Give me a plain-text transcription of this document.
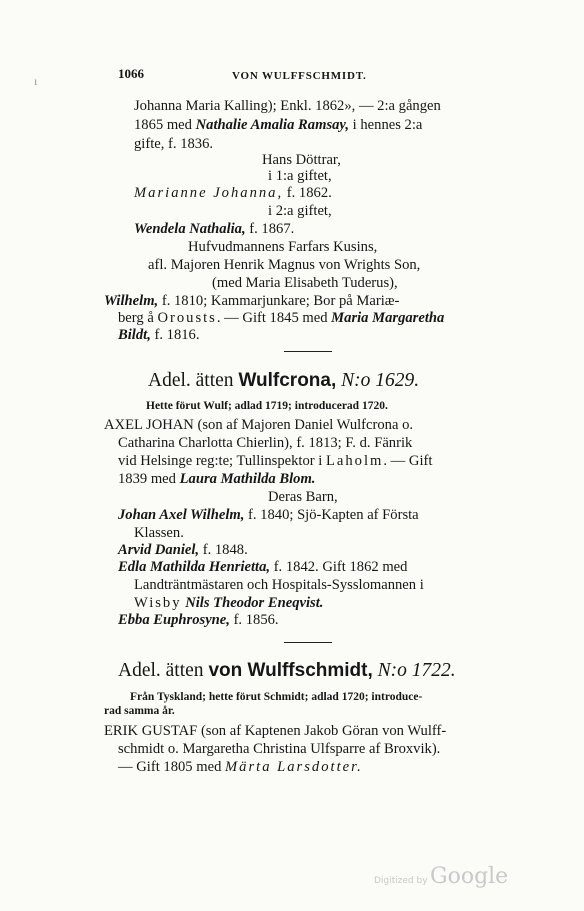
ı	1066	VON WULFFSCHMIDT.
Johanna Maria Kalling); Enkl. 1862», — 2:a gången
1865 med Nathalie Amalia Ramsay, i hennes 2:a
gifte, f. 1836.
Hans Döttrar,
i 1:a giftet,
Marianne Johanna, f. 1862.
i 2:a giftet,
Wendela Nathalia, f. 1867.
Hufvudmannens Farfars Kusins,
afl. Majoren Henrik Magnus von Wrights Son,
(med Maria Elisabeth Tuderus),
Wilhelm, f. 1810; Kammarjunkare; Bor på Mariæ-
berg å Orousts. — Gift 1845 med Maria Margaretha
Bildt, f. 1816.
Adel. ätten Wulfcrona, N:o 1629.
Hette förut Wulf; adlad 1719; introducerad 1720.
AXEL JOHAN (son af Majoren Daniel Wulfcrona o.
Catharina Charlotta Chierlin), f. 1813; F. d. Fänrik
vid Helsinge reg:te; Tullinspektor i Laholm. — Gift
1839 med Laura Mathilda Blom.
Deras Barn,
Johan Axel Wilhelm, f. 1840; Sjö-Kapten af Första
Klassen.
Arvid Daniel, f. 1848.
Edla Mathilda Henrietta, f. 1842. Gift 1862 med
Landträntmästaren och Hospitals-Sysslomannen i
Wisby Nils Theodor Eneqvist.
Ebba Euphrosyne, f. 1856.
Adel. ätten von Wulffschmidt, N:o 1722.
Från Tyskland; hette förut Schmidt; adlad 1720; introduce-
rad samma år.
ERIK GUSTAF (son af Kaptenen Jakob Göran von Wulff-
schmidt o. Margaretha Christina Ulfsparre af Broxvik).
— Gift 1805 med Märta Larsdotter.
Digitized by Google
